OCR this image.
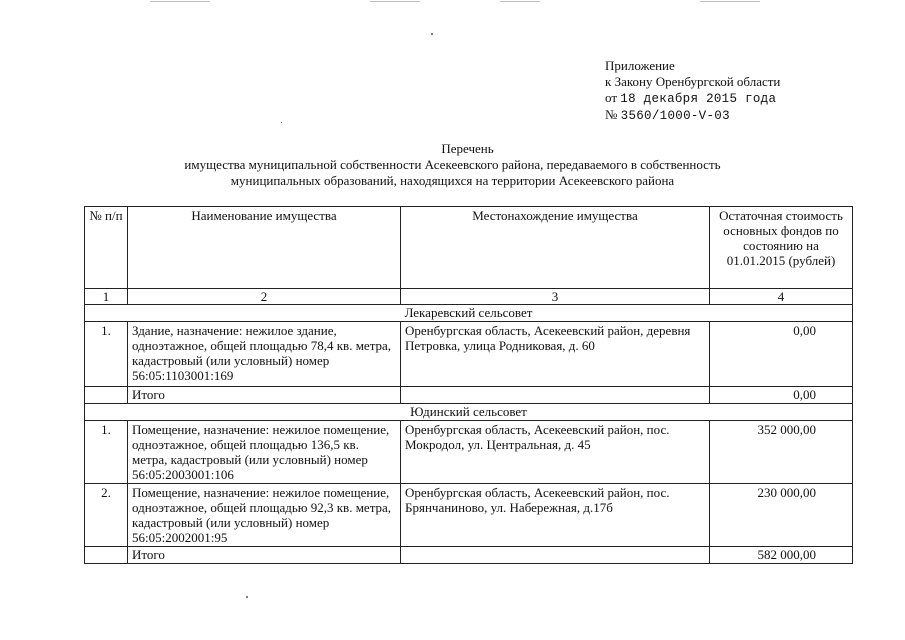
Приложение
к Закону Оренбургской области
от 18 декабря 2015 года
№ 3560/1000-V-03
Перечень
имущества муниципальной собственности Асекеевского района, передаваемого в собственность
муниципальных образований, находящихся на территории Асекеевского района
№ п/п	Наименование имущества	Местонахождение имущества	Остаточная стоимость основных фондов по состоянию на 01.01.2015 (рублей)
1	2	3	4
Лекаревский сельсовет			
1.	Здание, назначение: нежилое здание, одноэтажное, общей площадью 78,4 кв. метра, кадастровый (или условный) номер 56:05:1103001:169	Оренбургская область, Асекеевский район, деревня Петровка, улица Родниковая, д. 60	0,00
	Итого		0,00
Юдинский сельсовет			
1.	Помещение, назначение: нежилое помещение, одноэтажное, общей площадью 136,5 кв. метра, кадастровый (или условный) номер 56:05:2003001:106	Оренбургская область, Асекеевский район, пос. Мокродол, ул. Центральная, д. 45	352 000,00
2.	Помещение, назначение: нежилое помещение, одноэтажное, общей площадью 92,3 кв. метра, кадастровый (или условный) номер 56:05:2002001:95	Оренбургская область, Асекеевский район, пос. Брянчаниново, ул. Набережная, д.17б	230 000,00
	Итого		582 000,00
